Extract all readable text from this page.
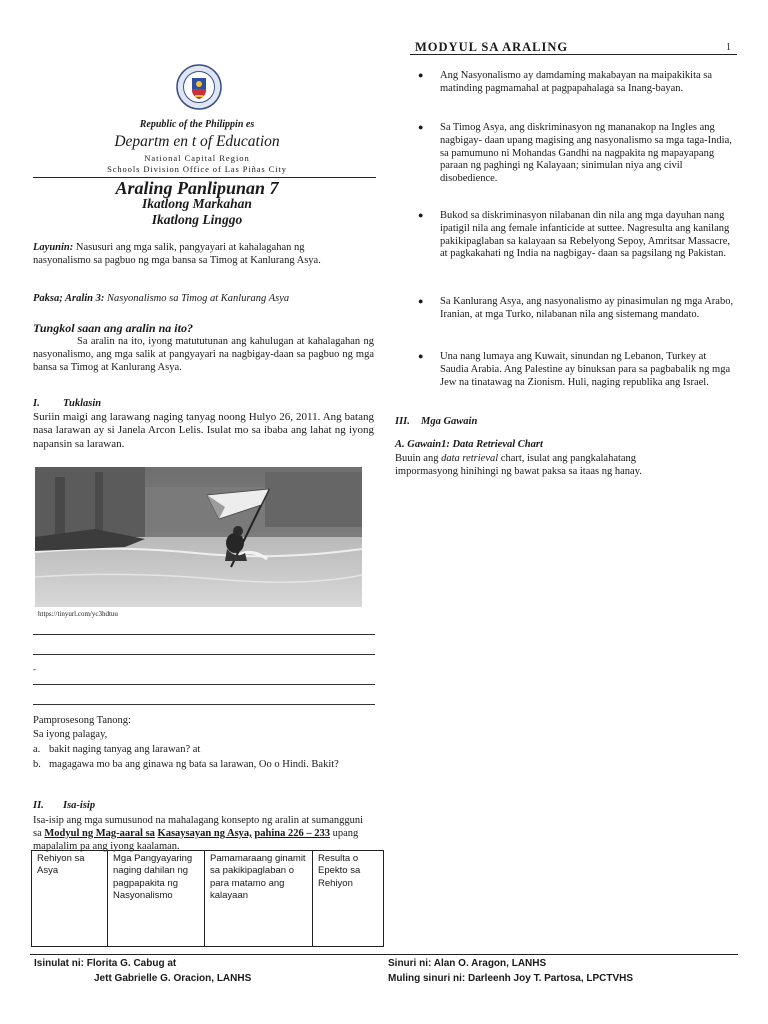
MODYUL SA ARALING	1
Republic of the Philippin es
Departm en t of Education
National Capital Region
Schools Division Office of Las Piñas City
Araling Panlipunan 7
Ikatlong Markahan
Ikatlong Linggo
Layunin: Nasusuri ang mga salik, pangyayari at kahalagahan ng nasyonalismo sa pagbuo ng mga bansa sa Timog at Kanlurang Asya.
Paksa; Aralin 3: Nasyonalismo sa Timog at Kanlurang Asya
Tungkol saan ang aralin na ito?
Sa aralin na ito, iyong matututunan ang kahulugan at kahalagahan ng nasyonalismo, ang mga salik at pangyayari na nagbigay-daan sa pagbuo ng mga bansa sa Timog at Kanlurang Asya.
I. Tuklasin
Suriin maigi ang larawang naging tanyag noong Hulyo 26, 2011. Ang batang nasa larawan ay si Janela Arcon Lelis. Isulat mo sa ibaba ang lahat ng iyong napansin sa larawan.
https://tinyurl.com/yc3hdtuu
-
Pamprosesong Tanong:
Sa iyong palagay,
a. bakit naging tanyag ang larawan? at
b. magagawa mo ba ang ginawa ng bata sa larawan, Oo o Hindi. Bakit?
II. Isa-isip
Isa-isip ang mga sumusunod na mahalagang konsepto ng aralin at sumangguni sa Modyul ng Mag-aaral sa Kasaysayan ng Asya, pahina 226 – 233 upang mapalalim pa ang iyong kaalaman.
Rehiyon sa Asya	Mga Pangyayaring naging dahilan ng pagpapakita ng Nasyonalismo	Pamamaraang ginamit sa pakikipaglaban o para matamo ang kalayaan	Resulta o Epekto sa Rehiyon
● Ang Nasyonalismo ay damdaming makabayan na maipakikita sa matinding pagmamahal at pagpapahalaga sa Inang-bayan.
● Sa Timog Asya, ang diskriminasyon ng mananakop na Ingles ang nagbigay- daan upang magising ang nasyonalismo sa mga taga-India, sa pamumuno ni Mohandas Gandhi na nagpakita ng mapayapang paraan ng paghingi ng Kalayaan; sinimulan niya ang civil disobedience.
● Bukod sa diskriminasyon nilabanan din nila ang mga dayuhan nang ipatigil nila ang female infanticide at suttee. Nagresulta ang kanilang pakikipaglaban sa kalayaan sa Rebelyong Sepoy, Amritsar Massacre, at pagkakahati ng India na nagbigay- daan sa pagsilang ng Pakistan.
● Sa Kanlurang Asya, ang nasyonalismo ay pinasimulan ng mga Arabo, Iranian, at mga Turko, nilabanan nila ang sistemang mandato.
● Una nang lumaya ang Kuwait, sinundan ng Lebanon, Turkey at Saudia Arabia. Ang Palestine ay binuksan para sa pagbabalik ng mga Jew na tinatawag na Zionism. Huli, naging republika ang Israel.
III. Mga Gawain
A. Gawain1: Data Retrieval Chart
Buuin ang data retrieval chart, isulat ang pangkalahatang impormasyong hinihingi ng bawat paksa sa itaas ng hanay.
Isinulat ni: Florita G. Cabug at
Jett Gabrielle G. Oracion, LANHS
Sinuri ni: Alan O. Aragon, LANHS
Muling sinuri ni: Darleenh Joy T. Partosa, LPCTVHS
